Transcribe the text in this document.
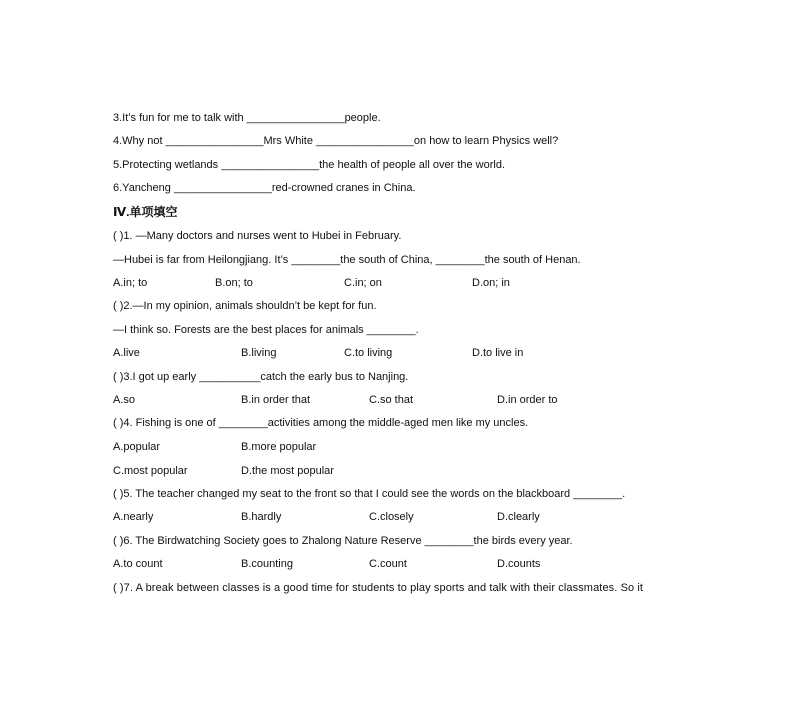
3.It’s fun for me to talk with ________________people.
4.Why not ________________Mrs White ________________on how to learn Physics well?
5.Protecting wetlands ________________the health of people all over the world.
6.Yancheng ________________red-crowned cranes in China.
Ⅳ.单项填空
( )1. —Many doctors and nurses went to Hubei in February.
—Hubei is far from Heilongjiang. It’s ________the south of China, ________the south of Henan.
A.in; to	B.on; to	C.in; on	D.on; in
( )2.—In my opinion, animals shouldn’t be kept for fun.
—I think so. Forests are the best places for animals ________.
A.live	B.living	C.to living	D.to live in
( )3.I got up early __________catch the early bus to Nanjing.
A.so	B.in order that	C.so that	D.in order to
( )4. Fishing is one of ________activities among the middle-aged men like my uncles.
A.popular	B.more popular
C.most popular	D.the most popular
( )5. The teacher changed my seat to the front so that I could see the words on the blackboard ________.
A.nearly	B.hardly	C.closely	D.clearly
( )6. The Birdwatching Society goes to Zhalong Nature Reserve ________the birds every year.
A.to count	B.counting	C.count	D.counts
( )7. A break between classes is a good time for students to play sports and talk with their classmates. So it
